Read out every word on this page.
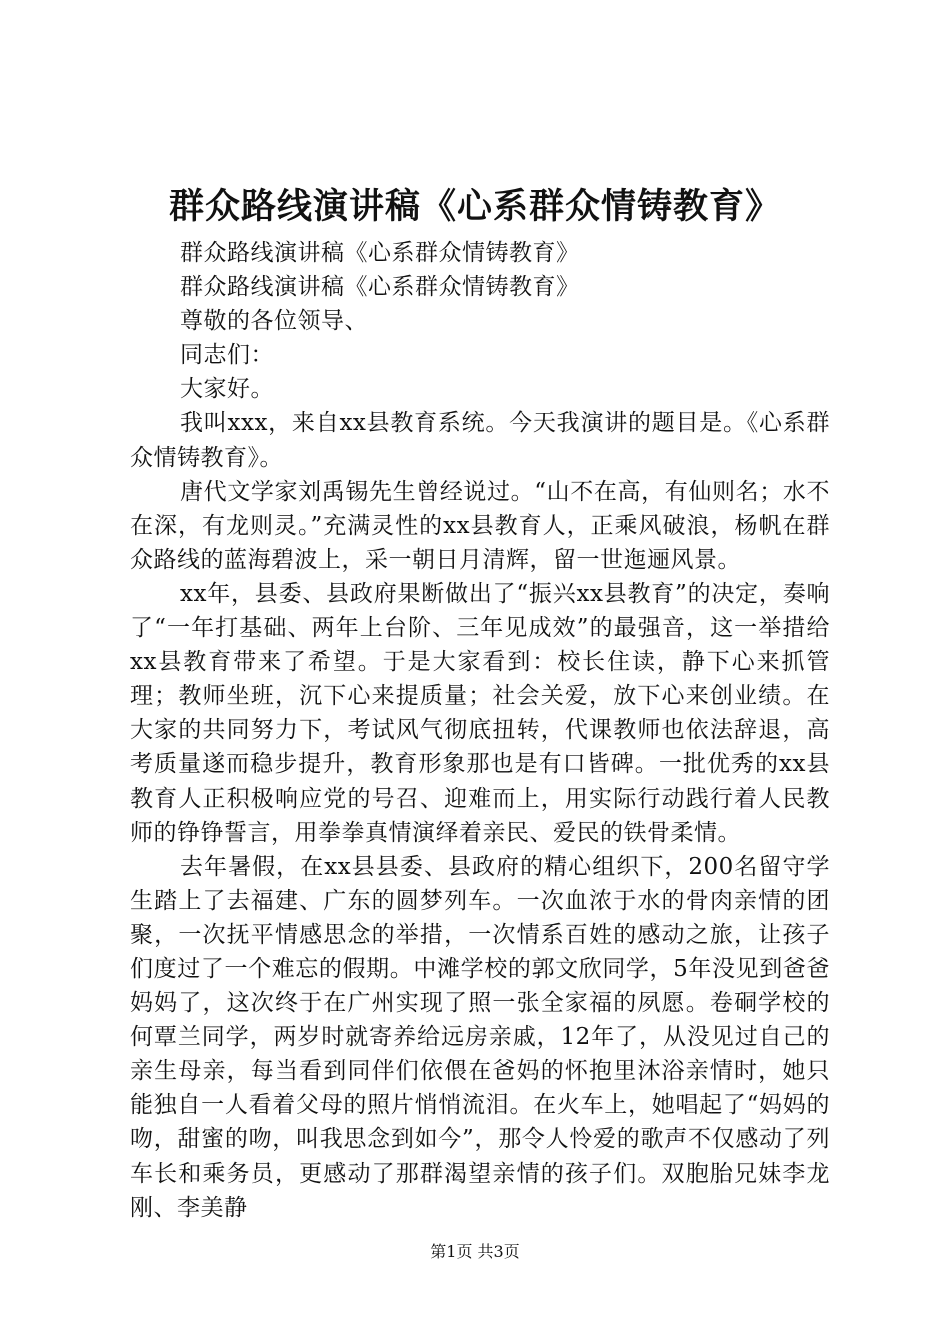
群众路线演讲稿《心系群众情铸教育》

群众路线演讲稿《心系群众情铸教育》

群众路线演讲稿《心系群众情铸教育》

尊敬的各位领导、

同志们：

大家好。

我叫xxx，来自xx县教育系统。今天我演讲的题目是。《心系群众情铸教育》。

唐代文学家刘禹锡先生曾经说过。“山不在高，有仙则名；水不在深，有龙则灵。”充满灵性的xx县教育人，正乘风破浪，杨帆在群众路线的蓝海碧波上，采一朝日月清辉，留一世迤逦风景。

xx年，县委、县政府果断做出了“振兴xx县教育”的决定，奏响了“一年打基础、两年上台阶、三年见成效”的最强音，这一举措给xx县教育带来了希望。于是大家看到：校长住读，静下心来抓管理；教师坐班，沉下心来提质量；社会关爱，放下心来创业绩。在大家的共同努力下，考试风气彻底扭转，代课教师也依法辞退，高考质量遂而稳步提升，教育形象那也是有口皆碑。一批优秀的xx县教育人正积极响应党的号召、迎难而上，用实际行动践行着人民教师的铮铮誓言，用拳拳真情演绎着亲民、爱民的铁骨柔情。

去年暑假，在xx县县委、县政府的精心组织下，200名留守学生踏上了去福建、广东的圆梦列车。一次血浓于水的骨肉亲情的团聚，一次抚平情感思念的举措，一次情系百姓的感动之旅，让孩子们度过了一个难忘的假期。中滩学校的郭文欣同学，5年没见到爸爸妈妈了，这次终于在广州实现了照一张全家福的夙愿。卷硐学校的何覃兰同学，两岁时就寄养给远房亲戚，12年了，从没见过自己的亲生母亲，每当看到同伴们依偎在爸妈的怀抱里沐浴亲情时，她只能独自一人看着父母的照片悄悄流泪。在火车上，她唱起了“妈妈的吻，甜蜜的吻，叫我思念到如今”，那令人怜爱的歌声不仅感动了列车长和乘务员，更感动了那群渴望亲情的孩子们。双胞胎兄妹李龙刚、李美静

第1页 共3页
